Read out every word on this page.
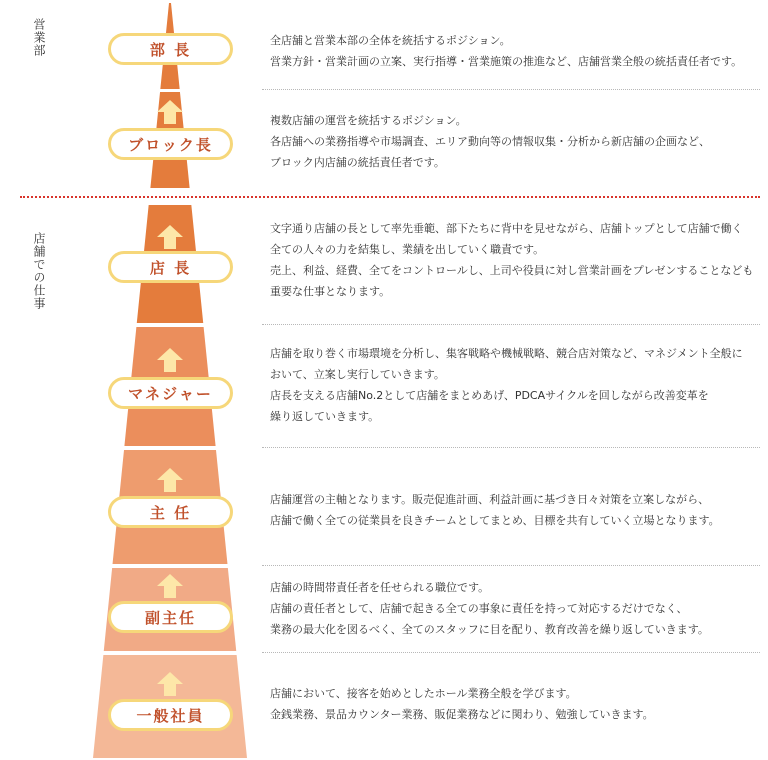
営業部
店舗での仕事
部 長
ブロック長
店 長
マネジャー
主 任
副主任
一般社員

全店舗と営業本部の全体を統括するポジション。

営業方針・営業計画の立案、実行指導・営業施策の推進など、店舗営業全般の統括責任者です。

複数店舗の運営を統括するポジション。

各店舗への業務指導や市場調査、エリア動向等の情報収集・分析から新店舗の企画など、

ブロック内店舗の統括責任者です。

文字通り店舗の長として率先垂範、部下たちに背中を見せながら、店舗トップとして店舗で働く

全ての人々の力を結集し、業績を出していく職責です。

売上、利益、経費、全てをコントロールし、上司や役員に対し営業計画をプレゼンすることなども

重要な仕事となります。

店舗を取り巻く市場環境を分析し、集客戦略や機械戦略、競合店対策など、マネジメント全般に

おいて、立案し実行していきます。

店長を支える店舗No.2として店舗をまとめあげ、PDCAサイクルを回しながら改善変革を

繰り返していきます。

店舗運営の主軸となります。販売促進計画、利益計画に基づき日々対策を立案しながら、

店舗で働く全ての従業員を良きチームとしてまとめ、目標を共有していく立場となります。

店舗の時間帯責任者を任せられる職位です。

店舗の責任者として、店舗で起きる全ての事象に責任を持って対応するだけでなく、

業務の最大化を図るべく、全てのスタッフに目を配り、教育改善を繰り返していきます。

店舗において、接客を始めとしたホール業務全般を学びます。

金銭業務、景品カウンター業務、販促業務などに関わり、勉強していきます。
